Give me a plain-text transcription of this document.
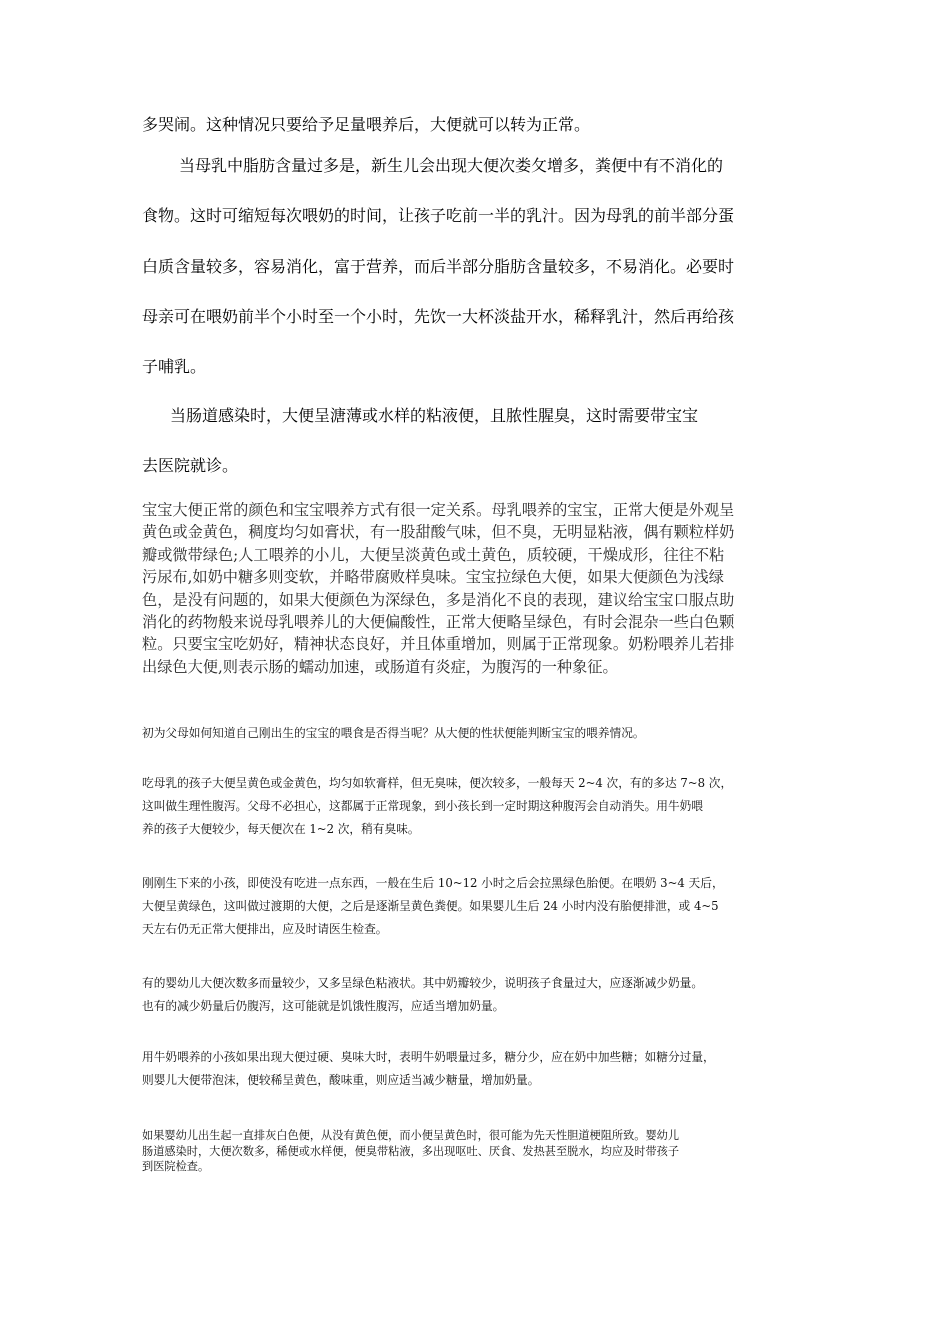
多哭闹。这种情况只要给予足量喂养后，大便就可以转为正常。

当母乳中脂肪含量过多是，新生儿会出现大便次娄攵增多，粪便中有不消化的
食物。这时可缩短每次喂奶的时间，让孩子吃前一半的乳汁。因为母乳的前半部分蛋
白质含量较多，容易消化，富于营养，而后半部分脂肪含量较多，不易消化。必要时
母亲可在喂奶前半个小时至一个小时，先饮一大杯淡盐开水，稀释乳汁，然后再给孩
子哺乳。

当肠道感染时，大便呈溏薄或水样的粘液便，且脓性腥臭，这时需要带宝宝
去医院就诊。

宝宝大便正常的颜色和宝宝喂养方式有很一定关系。母乳喂养的宝宝，正常大便是外观呈
黄色或金黄色，稠度均匀如膏状，有一股甜酸气味，但不臭，无明显粘液，偶有颗粒样奶
瓣或微带绿色;人工喂养的小儿，大便呈淡黄色或土黄色，质较硬，干燥成形，往往不粘
污尿布,如奶中糖多则变软，并略带腐败样臭味。宝宝拉绿色大便，如果大便颜色为浅绿
色，是没有问题的，如果大便颜色为深绿色，多是消化不良的表现，建议给宝宝口服点助
消化的药物般来说母乳喂养儿的大便偏酸性，正常大便略呈绿色，有时会混杂一些白色颗
粒。只要宝宝吃奶好，精神状态良好，并且体重增加，则属于正常现象。奶粉喂养儿若排
出绿色大便,则表示肠的蠕动加速，或肠道有炎症，为腹泻的一种象征。

初为父母如何知道自己刚出生的宝宝的喂食是否得当呢？从大便的性状便能判断宝宝的喂养情况。

吃母乳的孩子大便呈黄色或金黄色，均匀如软膏样，但无臭味，便次较多，一般每天 2~4 次，有的多达 7~8 次，
这叫做生理性腹泻。父母不必担心，这都属于正常现象，到小孩长到一定时期这种腹泻会自动消失。用牛奶喂
养的孩子大便较少，每天便次在 1~2 次，稍有臭味。

刚刚生下来的小孩，即使没有吃进一点东西，一般在生后 10~12 小时之后会拉黑绿色胎便。在喂奶 3~4 天后，
大便呈黄绿色，这叫做过渡期的大便，之后是逐渐呈黄色粪便。如果婴儿生后 24 小时内没有胎便排泄，或 4~5
天左右仍无正常大便排出，应及时请医生检查。

有的婴幼儿大便次数多而量较少，又多呈绿色粘液状。其中奶瓣较少，说明孩子食量过大，应逐渐减少奶量。
也有的减少奶量后仍腹泻，这可能就是饥饿性腹泻，应适当增加奶量。

用牛奶喂养的小孩如果出现大便过硬、臭味大时，表明牛奶喂量过多，糖分少，应在奶中加些糖；如糖分过量，
则婴儿大便带泡沫，便较稀呈黄色，酸味重，则应适当减少糖量，增加奶量。

如果婴幼儿出生起一直排灰白色便，从没有黄色便，而小便呈黄色时，很可能为先天性胆道梗阻所致。婴幼儿
肠道感染时，大便次数多，稀便或水样便，便臭带粘液，多出现呕吐、厌食、发热甚至脱水，均应及时带孩子
到医院检查。
